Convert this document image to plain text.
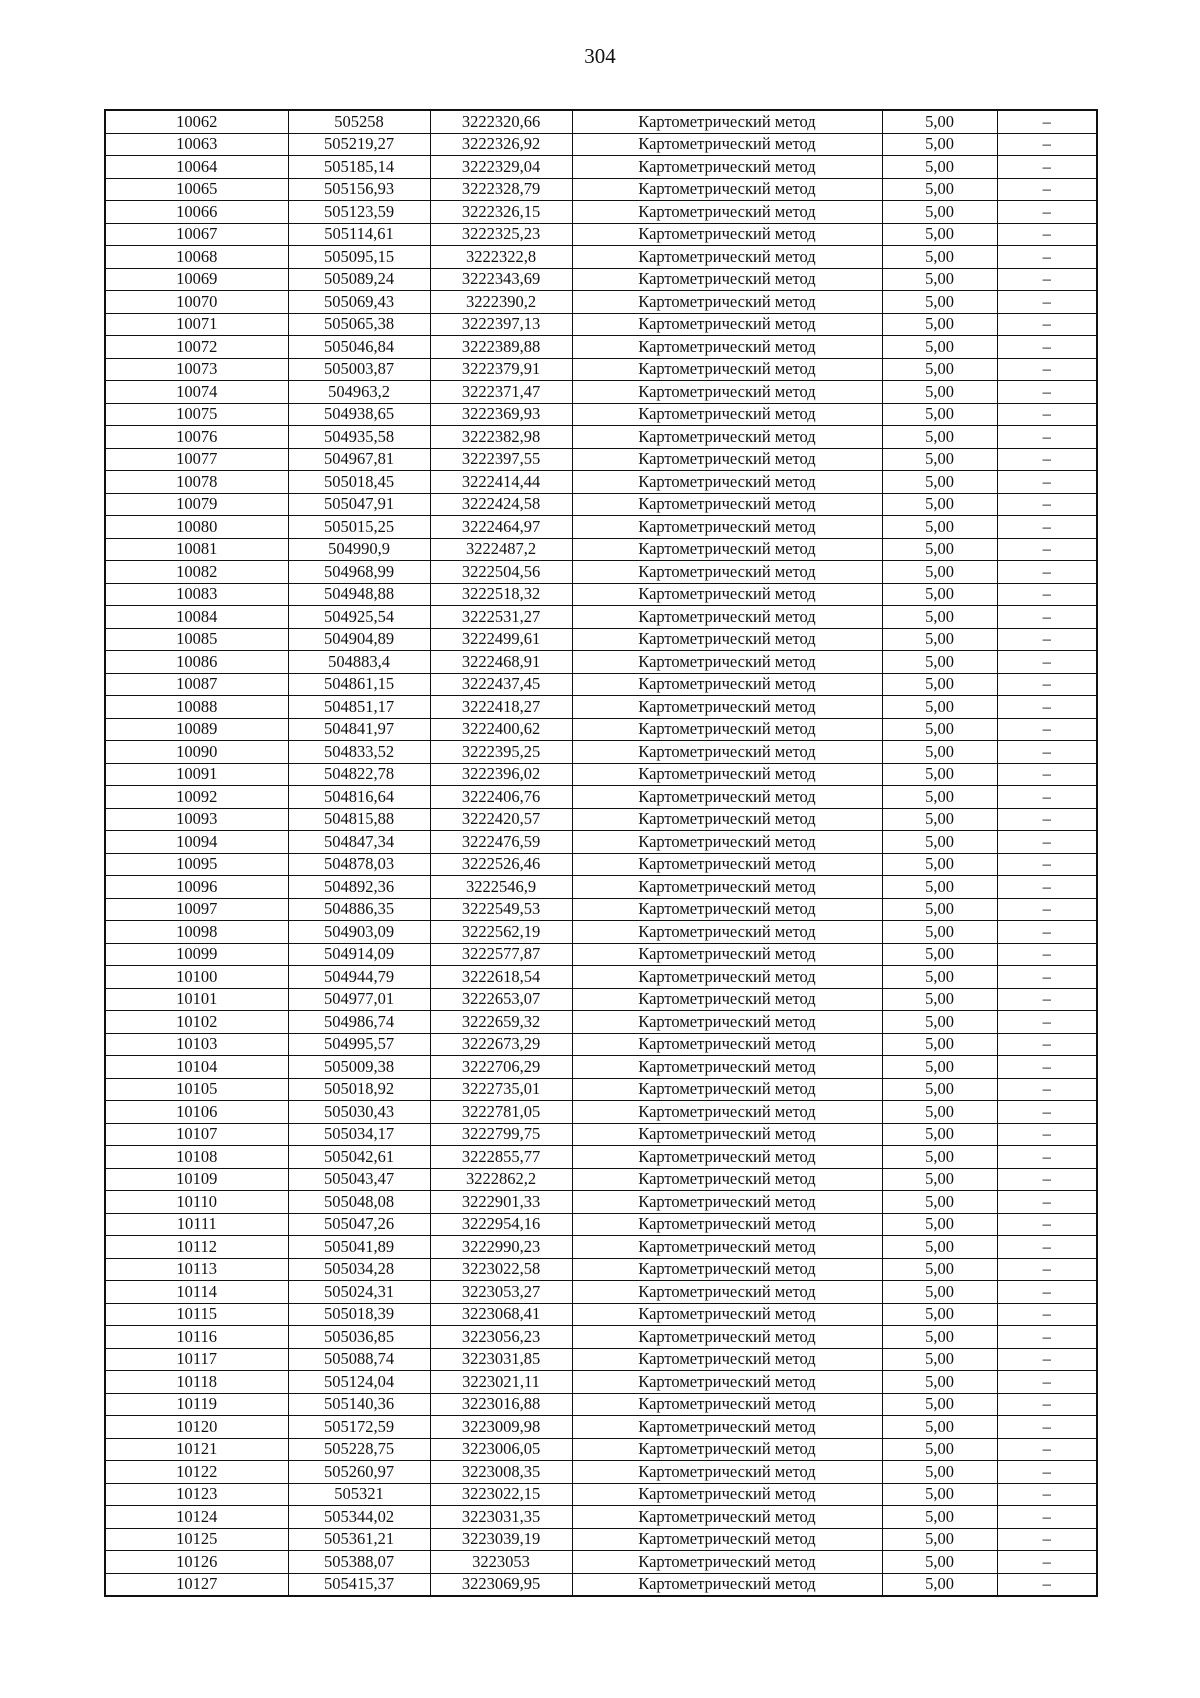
304
10062	505258	3222320,66	Картометрический метод	5,00	–
10063	505219,27	3222326,92	Картометрический метод	5,00	–
10064	505185,14	3222329,04	Картометрический метод	5,00	–
10065	505156,93	3222328,79	Картометрический метод	5,00	–
10066	505123,59	3222326,15	Картометрический метод	5,00	–
10067	505114,61	3222325,23	Картометрический метод	5,00	–
10068	505095,15	3222322,8	Картометрический метод	5,00	–
10069	505089,24	3222343,69	Картометрический метод	5,00	–
10070	505069,43	3222390,2	Картометрический метод	5,00	–
10071	505065,38	3222397,13	Картометрический метод	5,00	–
10072	505046,84	3222389,88	Картометрический метод	5,00	–
10073	505003,87	3222379,91	Картометрический метод	5,00	–
10074	504963,2	3222371,47	Картометрический метод	5,00	–
10075	504938,65	3222369,93	Картометрический метод	5,00	–
10076	504935,58	3222382,98	Картометрический метод	5,00	–
10077	504967,81	3222397,55	Картометрический метод	5,00	–
10078	505018,45	3222414,44	Картометрический метод	5,00	–
10079	505047,91	3222424,58	Картометрический метод	5,00	–
10080	505015,25	3222464,97	Картометрический метод	5,00	–
10081	504990,9	3222487,2	Картометрический метод	5,00	–
10082	504968,99	3222504,56	Картометрический метод	5,00	–
10083	504948,88	3222518,32	Картометрический метод	5,00	–
10084	504925,54	3222531,27	Картометрический метод	5,00	–
10085	504904,89	3222499,61	Картометрический метод	5,00	–
10086	504883,4	3222468,91	Картометрический метод	5,00	–
10087	504861,15	3222437,45	Картометрический метод	5,00	–
10088	504851,17	3222418,27	Картометрический метод	5,00	–
10089	504841,97	3222400,62	Картометрический метод	5,00	–
10090	504833,52	3222395,25	Картометрический метод	5,00	–
10091	504822,78	3222396,02	Картометрический метод	5,00	–
10092	504816,64	3222406,76	Картометрический метод	5,00	–
10093	504815,88	3222420,57	Картометрический метод	5,00	–
10094	504847,34	3222476,59	Картометрический метод	5,00	–
10095	504878,03	3222526,46	Картометрический метод	5,00	–
10096	504892,36	3222546,9	Картометрический метод	5,00	–
10097	504886,35	3222549,53	Картометрический метод	5,00	–
10098	504903,09	3222562,19	Картометрический метод	5,00	–
10099	504914,09	3222577,87	Картометрический метод	5,00	–
10100	504944,79	3222618,54	Картометрический метод	5,00	–
10101	504977,01	3222653,07	Картометрический метод	5,00	–
10102	504986,74	3222659,32	Картометрический метод	5,00	–
10103	504995,57	3222673,29	Картометрический метод	5,00	–
10104	505009,38	3222706,29	Картометрический метод	5,00	–
10105	505018,92	3222735,01	Картометрический метод	5,00	–
10106	505030,43	3222781,05	Картометрический метод	5,00	–
10107	505034,17	3222799,75	Картометрический метод	5,00	–
10108	505042,61	3222855,77	Картометрический метод	5,00	–
10109	505043,47	3222862,2	Картометрический метод	5,00	–
10110	505048,08	3222901,33	Картометрический метод	5,00	–
10111	505047,26	3222954,16	Картометрический метод	5,00	–
10112	505041,89	3222990,23	Картометрический метод	5,00	–
10113	505034,28	3223022,58	Картометрический метод	5,00	–
10114	505024,31	3223053,27	Картометрический метод	5,00	–
10115	505018,39	3223068,41	Картометрический метод	5,00	–
10116	505036,85	3223056,23	Картометрический метод	5,00	–
10117	505088,74	3223031,85	Картометрический метод	5,00	–
10118	505124,04	3223021,11	Картометрический метод	5,00	–
10119	505140,36	3223016,88	Картометрический метод	5,00	–
10120	505172,59	3223009,98	Картометрический метод	5,00	–
10121	505228,75	3223006,05	Картометрический метод	5,00	–
10122	505260,97	3223008,35	Картометрический метод	5,00	–
10123	505321	3223022,15	Картометрический метод	5,00	–
10124	505344,02	3223031,35	Картометрический метод	5,00	–
10125	505361,21	3223039,19	Картометрический метод	5,00	–
10126	505388,07	3223053	Картометрический метод	5,00	–
10127	505415,37	3223069,95	Картометрический метод	5,00	–
